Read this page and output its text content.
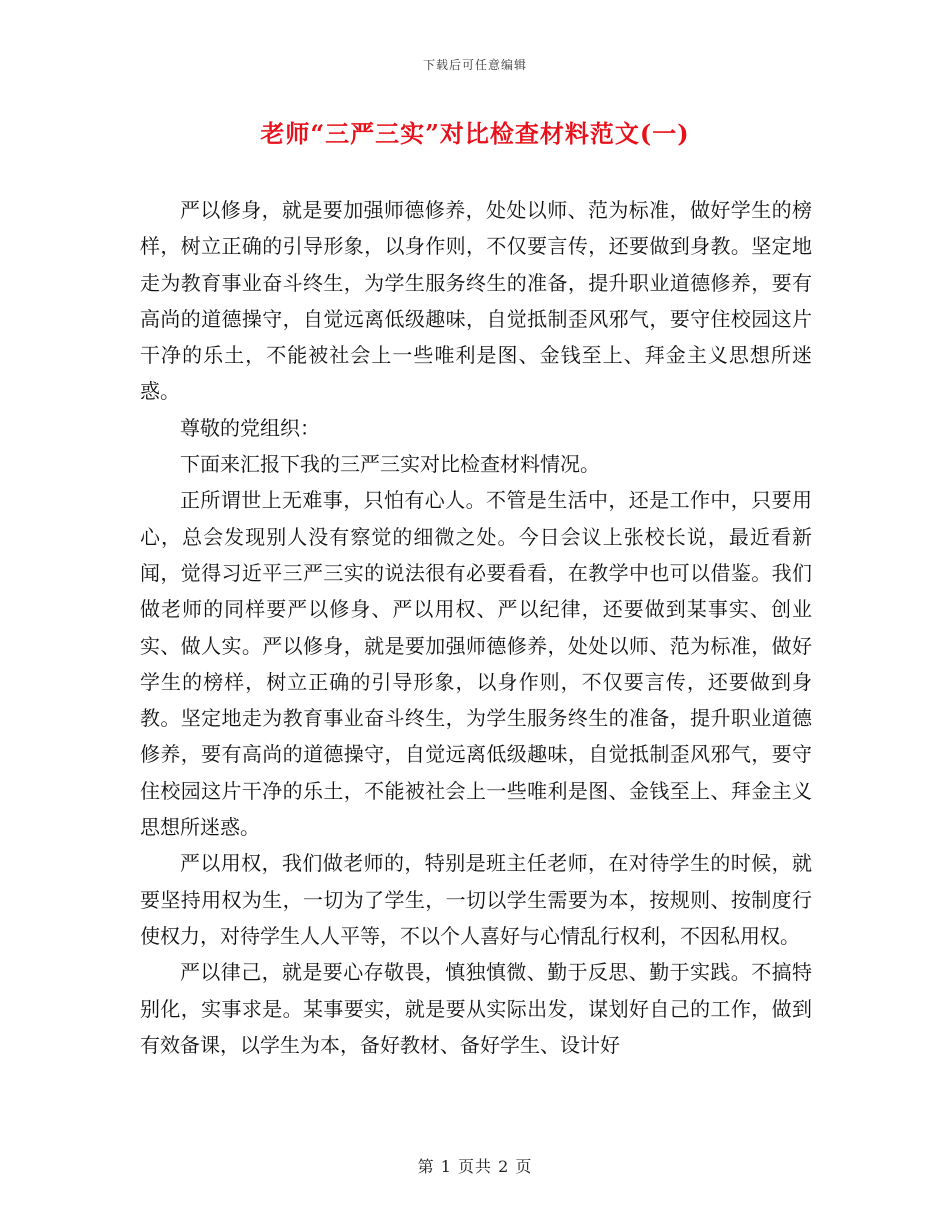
下载后可任意编辑
老师“三严三实”对比检查材料范文(一)

严以修身，就是要加强师德修养，处处以师、范为标准，做好学生的榜样，树立正确的引导形象，以身作则，不仅要言传，还要做到身教。坚定地走为教育事业奋斗终生，为学生服务终生的准备，提升职业道德修养，要有高尚的道德操守，自觉远离低级趣味，自觉抵制歪风邪气，要守住校园这片干净的乐土，不能被社会上一些唯利是图、金钱至上、拜金主义思想所迷惑。

尊敬的党组织：

下面来汇报下我的三严三实对比检查材料情况。

正所谓世上无难事，只怕有心人。不管是生活中，还是工作中，只要用心，总会发现别人没有察觉的细微之处。今日会议上张校长说，最近看新闻，觉得习近平三严三实的说法很有必要看看，在教学中也可以借鉴。我们做老师的同样要严以修身、严以用权、严以纪律，还要做到某事实、创业实、做人实。严以修身，就是要加强师德修养，处处以师、范为标准，做好学生的榜样，树立正确的引导形象，以身作则，不仅要言传，还要做到身教。坚定地走为教育事业奋斗终生，为学生服务终生的准备，提升职业道德修养，要有高尚的道德操守，自觉远离低级趣味，自觉抵制歪风邪气，要守住校园这片干净的乐土，不能被社会上一些唯利是图、金钱至上、拜金主义思想所迷惑。

严以用权，我们做老师的，特别是班主任老师，在对待学生的时候，就要坚持用权为生，一切为了学生，一切以学生需要为本，按规则、按制度行使权力，对待学生人人平等，不以个人喜好与心情乱行权利，不因私用权。

严以律己，就是要心存敬畏，慎独慎微、勤于反思、勤于实践。不搞特别化，实事求是。某事要实，就是要从实际出发，谋划好自己的工作，做到有效备课，以学生为本，备好教材、备好学生、设计好

第 1 页共 2 页
